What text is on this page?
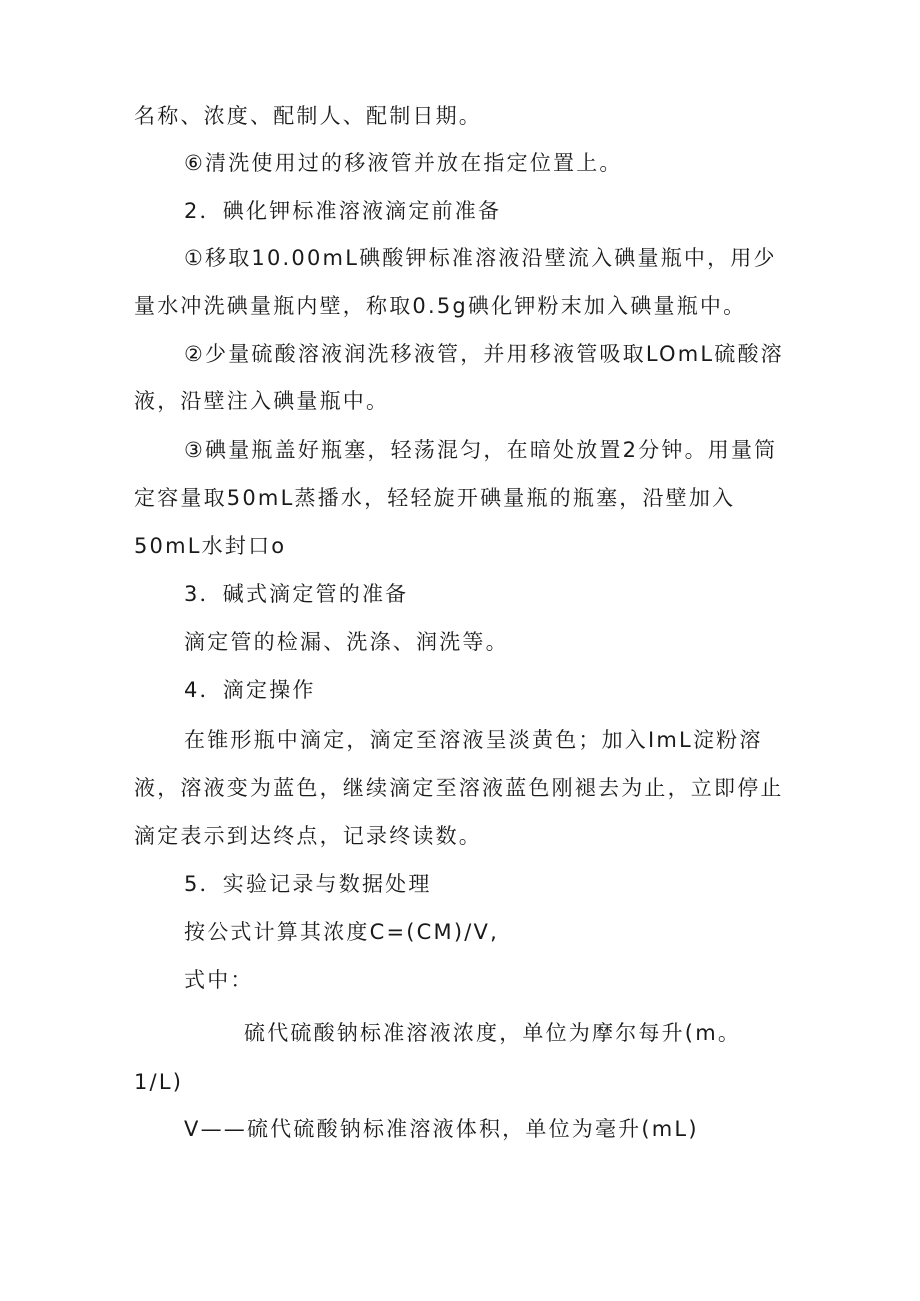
名称、浓度、配制人、配制日期。
⑥清洗使用过的移液管并放在指定位置上。
2．碘化钾标准溶液滴定前准备
①移取10.00mL碘酸钾标准溶液沿壁流入碘量瓶中，用少
量水冲洗碘量瓶内壁，称取0.5g碘化钾粉末加入碘量瓶中。
②少量硫酸溶液润洗移液管，并用移液管吸取LOmL硫酸溶
液，沿壁注入碘量瓶中。
③碘量瓶盖好瓶塞，轻荡混匀，在暗处放置2分钟。用量筒
定容量取50mL蒸播水，轻轻旋开碘量瓶的瓶塞，沿壁加入
50mL水封口o
3．碱式滴定管的准备
滴定管的检漏、洗涤、润洗等。
4．滴定操作
在锥形瓶中滴定，滴定至溶液呈淡黄色；加入ImL淀粉溶
液，溶液变为蓝色，继续滴定至溶液蓝色刚褪去为止，立即停止
滴定表示到达终点，记录终读数。
5．实验记录与数据处理
按公式计算其浓度C=(CM)/V,
式中：
硫代硫酸钠标准溶液浓度，单位为摩尔每升(m。
1/L)
V——硫代硫酸钠标准溶液体积，单位为毫升(mL)
